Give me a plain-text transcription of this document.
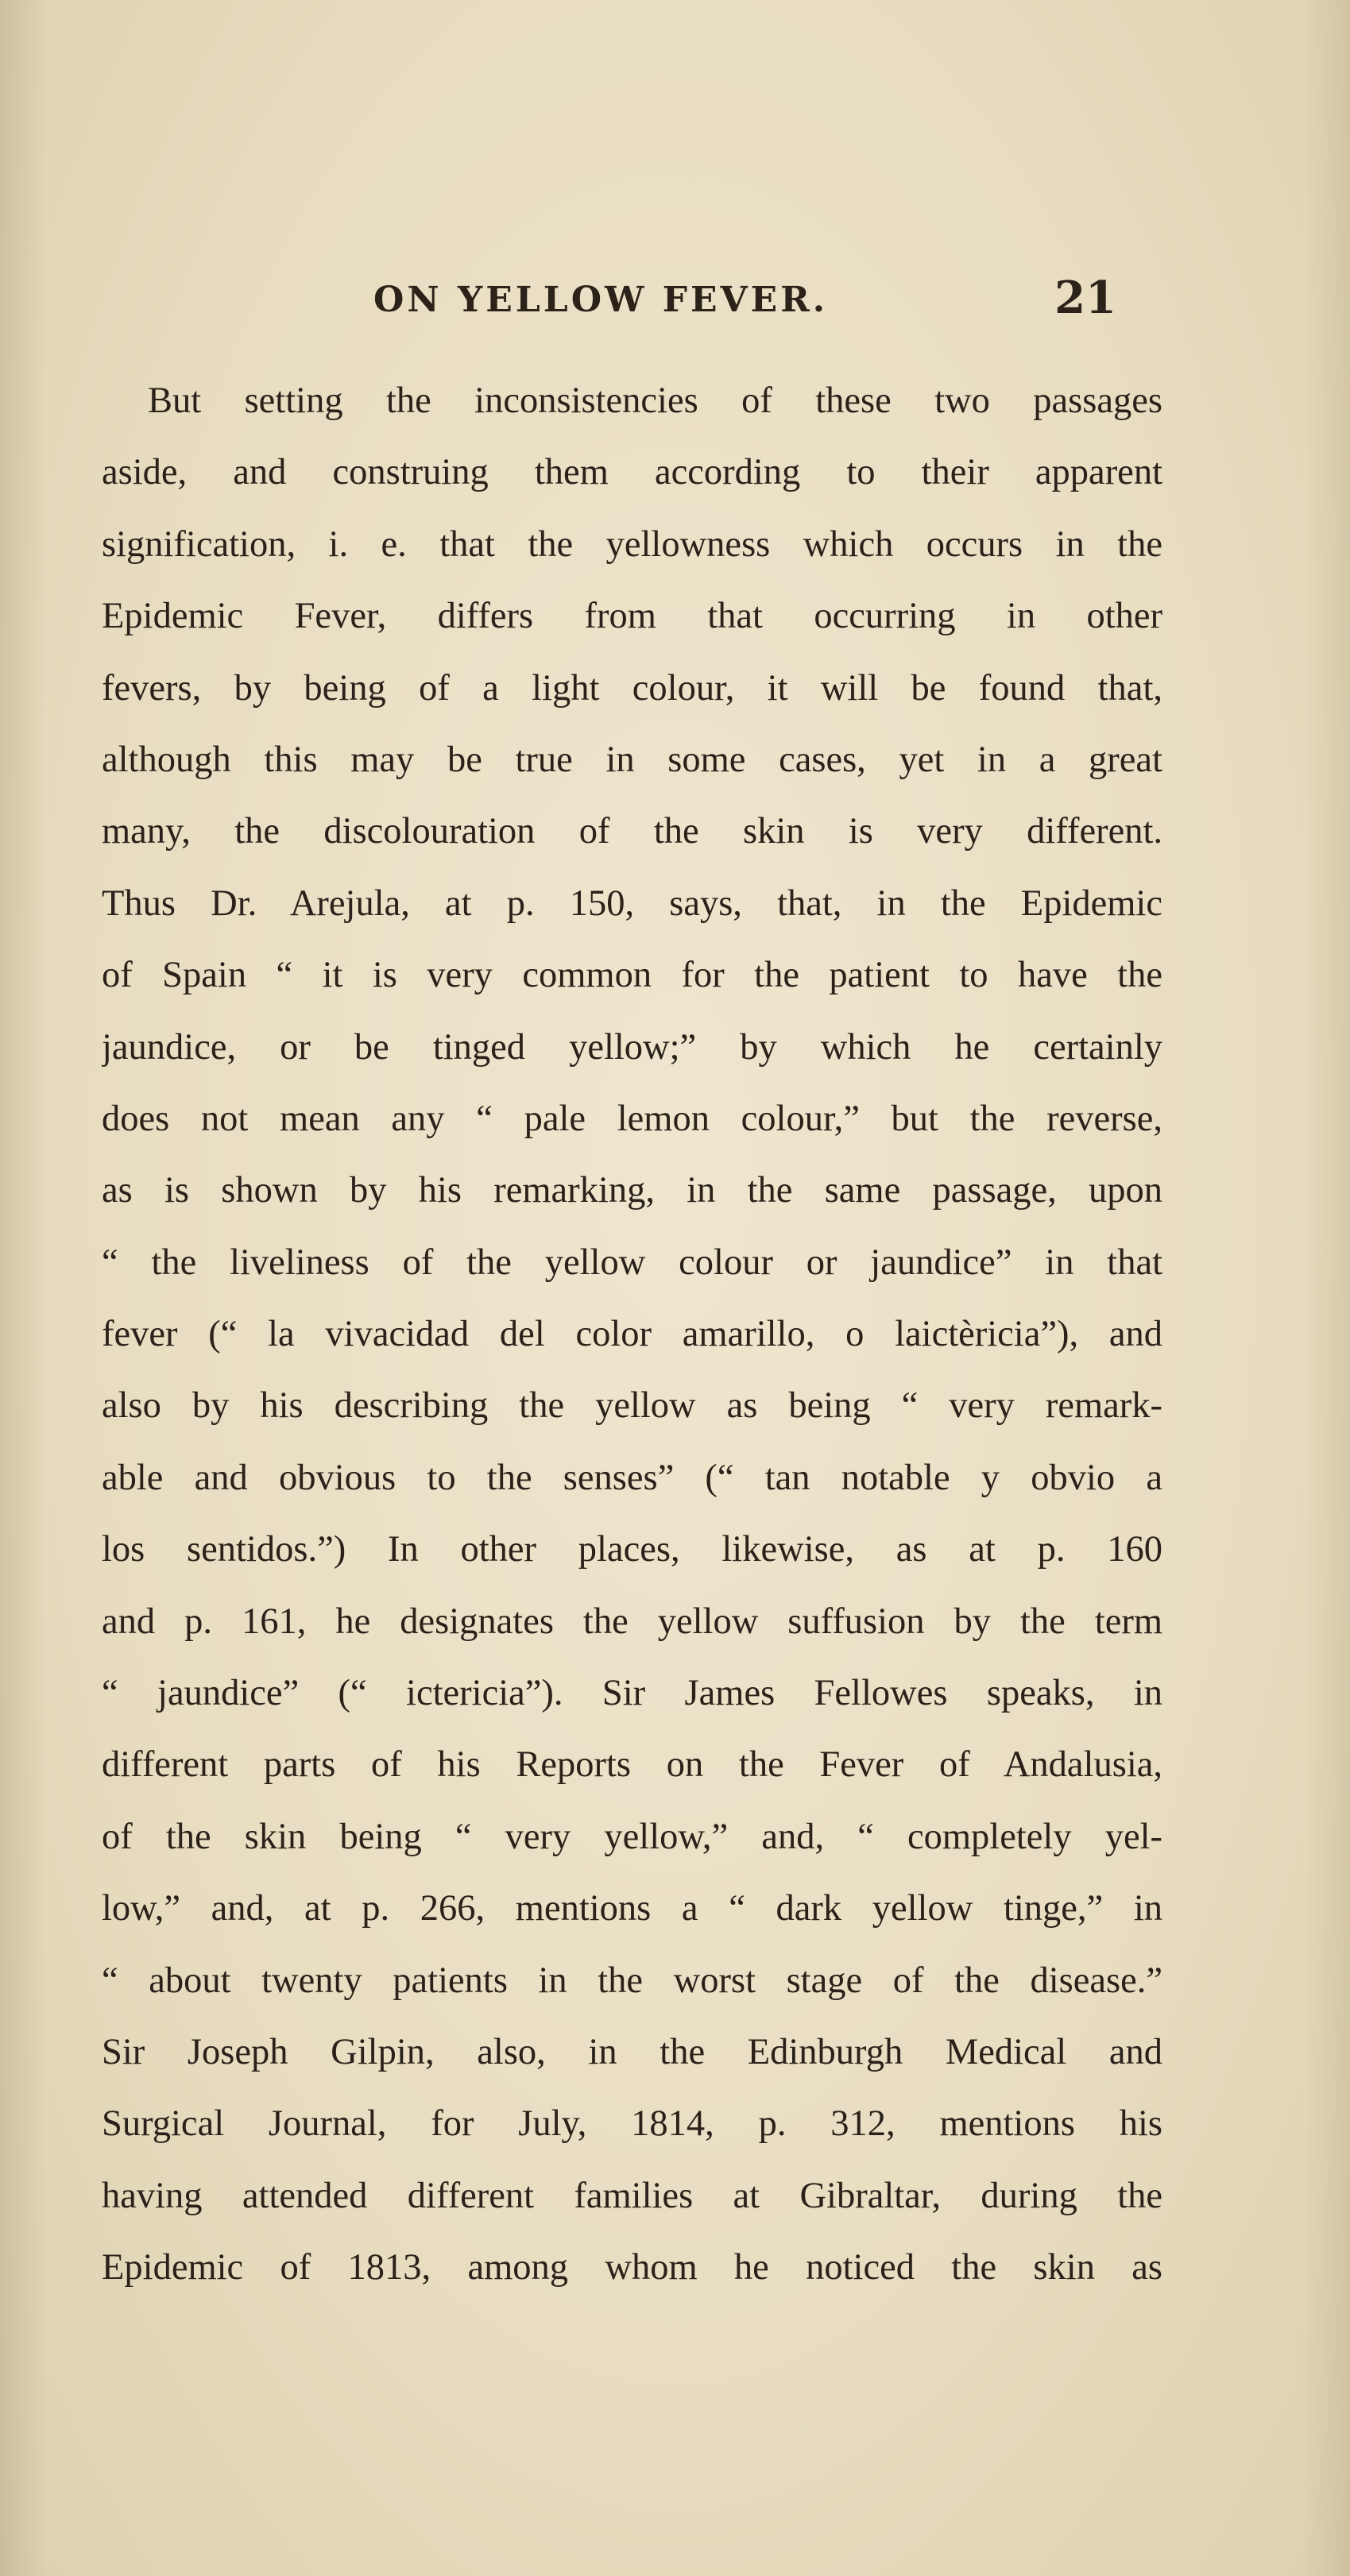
ON YELLOW FEVER.	21
But setting the inconsistencies of these two passages
aside, and construing them according to their apparent
signification, i. e. that the yellowness which occurs in the
Epidemic Fever, differs from that occurring in other
fevers, by being of a light colour, it will be found that,
although this may be true in some cases, yet in a great
many, the discolouration of the skin is very different.
Thus Dr. Arejula, at p. 150, says, that, in the Epidemic
of Spain “ it is very common for the patient to have the
jaundice, or be tinged yellow;” by which he certainly
does not mean any “ pale lemon colour,” but the reverse,
as is shown by his remarking, in the same passage, upon
“ the liveliness of the yellow colour or jaundice” in that
fever (“ la vivacidad del color amarillo, o laictèricia”), and
also by his describing the yellow as being “ very remark-
able and obvious to the senses” (“ tan notable y obvio a
los sentidos.”) In other places, likewise, as at p. 160
and p. 161, he designates the yellow suffusion by the term
“ jaundice” (“ ictericia”). Sir James Fellowes speaks, in
different parts of his Reports on the Fever of Andalusia,
of the skin being “ very yellow,” and, “ completely yel-
low,” and, at p. 266, mentions a “ dark yellow tinge,” in
“ about twenty patients in the worst stage of the disease.”
Sir Joseph Gilpin, also, in the Edinburgh Medical and
Surgical Journal, for July, 1814, p. 312, mentions his
having attended different families at Gibraltar, during the
Epidemic of 1813, among whom he noticed the skin as
